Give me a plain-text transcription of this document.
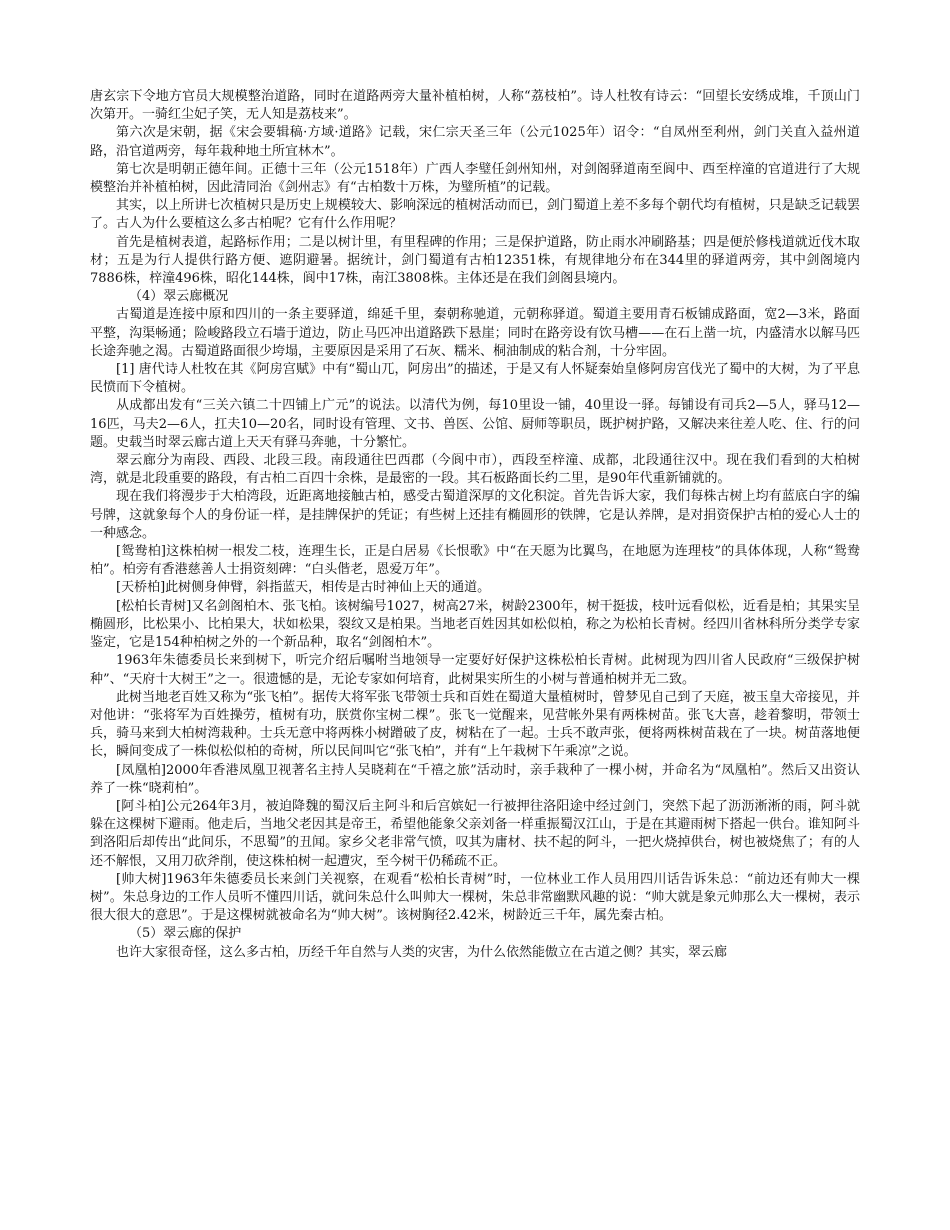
唐玄宗下令地方官员大规模整治道路，同时在道路两旁大量补植柏树，人称“荔枝柏”。诗人杜牧有诗云：“回望长安绣成堆，千顶山门次第开。一骑红尘妃子笑，无人知是荔枝来”。

第六次是宋朝，据《宋会要辑稿·方域·道路》记载，宋仁宗天圣三年（公元1025年）诏令：“自凤州至利州，剑门关直入益州道路，沿官道两旁，每年栽种地土所宜林木”。

第七次是明朝正德年间。正德十三年（公元1518年）广西人李璧任剑州知州，对剑阁驿道南至阆中、西至梓潼的官道进行了大规模整治并补植柏树，因此清同治《剑州志》有“古柏数十万株，为璧所植”的记载。

其实，以上所讲七次植树只是历史上规模较大、影响深远的植树活动而已，剑门蜀道上差不多每个朝代均有植树，只是缺乏记载罢了。古人为什么要植这么多古柏呢？它有什么作用呢？

首先是植树表道，起路标作用；二是以树计里，有里程碑的作用；三是保护道路，防止雨水冲刷路基；四是便於修栈道就近伐木取材；五是为行人提供行路方便、遮阴避暑。据统计，剑门蜀道有古柏12351株，有规律地分布在344里的驿道两旁，其中剑阁境内7886株，梓潼496株，昭化144株，阆中17株，南江3808株。主体还是在我们剑阁县境内。

（4）翠云廊概况

古蜀道是连接中原和四川的一条主要驿道，绵延千里，秦朝称驰道，元朝称驿道。蜀道主要用青石板铺成路面，宽2—3米，路面平整，沟渠畅通；险峻路段立石墙于道边，防止马匹冲出道路跌下悬崖；同时在路旁设有饮马槽——在石上凿一坑，内盛清水以解马匹长途奔驰之渴。古蜀道路面很少垮塌，主要原因是采用了石灰、糯米、桐油制成的粘合剂，十分牢固。

[1] 唐代诗人杜牧在其《阿房宫赋》中有“蜀山兀，阿房出”的描述，于是又有人怀疑秦始皇修阿房宫伐光了蜀中的大树，为了平息民愤而下令植树。

从成都出发有“三关六镇二十四铺上广元”的说法。以清代为例，每10里设一铺，40里设一驿。每铺设有司兵2—5人，驿马12—16匹，马夫2—6人，扛夫10—20名，同时设有管理、文书、兽医、公馆、厨师等职员，既护树护路，又解决来往差人吃、住、行的问题。史载当时翠云廊古道上天天有驿马奔驰，十分繁忙。

翠云廊分为南段、西段、北段三段。南段通往巴西郡（今阆中市），西段至梓潼、成都，北段通往汉中。现在我们看到的大柏树湾，就是北段重要的路段，有古柏二百四十余株，是最密的一段。其石板路面长约二里，是90年代重新铺就的。

现在我们将漫步于大柏湾段，近距离地接触古柏，感受古蜀道深厚的文化积淀。首先告诉大家，我们每株古树上均有蓝底白字的编号牌，这就象每个人的身份证一样，是挂牌保护的凭证；有些树上还挂有椭圆形的铁牌，它是认养牌，是对捐资保护古柏的爱心人士的一种感念。

[鸳鸯柏]这株柏树一根发二枝，连理生长，正是白居易《长恨歌》中“在天愿为比翼鸟，在地愿为连理枝”的具体体现，人称“鸳鸯柏”。柏旁有香港慈善人士捐资刻碑：“白头偕老，恩爱万年”。

[天桥柏]此树侧身伸臂，斜指蓝天，相传是古时神仙上天的通道。

[松柏长青树]又名剑阁柏木、张飞柏。该树编号1027，树高27米，树龄2300年，树干挺拔，枝叶远看似松，近看是柏；其果实呈椭圆形，比松果小、比柏果大，状如松果，裂纹又是柏果。当地老百姓因其如松似柏，称之为松柏长青树。经四川省林科所分类学专家鉴定，它是154种柏树之外的一个新品种，取名“剑阁柏木”。

1963年朱德委员长来到树下，听完介绍后嘱咐当地领导一定要好好保护这株松柏长青树。此树现为四川省人民政府“三级保护树种”、“天府十大树王”之一。很遗憾的是，无论专家如何培育，此树果实所生的小树与普通柏树并无二致。

此树当地老百姓又称为“张飞柏”。据传大将军张飞带领士兵和百姓在蜀道大量植树时，曾梦见自己到了天庭，被玉皇大帝接见，并对他讲：“张将军为百姓操劳，植树有功，朕赏你宝树二棵”。张飞一觉醒来，见营帐外果有两株树苗。张飞大喜，趁着黎明，带领士兵，骑马来到大柏树湾栽种。士兵无意中将两株小树蹭破了皮，树粘在了一起。士兵不敢声张，便将两株树苗栽在了一块。树苗落地便长，瞬间变成了一株似松似柏的奇树，所以民间叫它“张飞柏”，并有“上午栽树下午乘凉”之说。

[凤凰柏]2000年香港凤凰卫视著名主持人吴晓莉在“千禧之旅”活动时，亲手栽种了一棵小树，并命名为“凤凰柏”。然后又出资认养了一株“晓莉柏”。

[阿斗柏]公元264年3月，被迫降魏的蜀汉后主阿斗和后宫嫔妃一行被押往洛阳途中经过剑门，突然下起了沥沥淅淅的雨，阿斗就躲在这棵树下避雨。他走后，当地父老因其是帝王，希望他能象父亲刘备一样重振蜀汉江山，于是在其避雨树下搭起一供台。谁知阿斗到洛阳后却传出“此间乐，不思蜀”的丑闻。家乡父老非常气愤，叹其为庸材、扶不起的阿斗，一把火烧掉供台，树也被烧焦了；有的人还不解恨，又用刀砍斧削，使这株柏树一起遭灾，至今树干仍稀疏不正。

[帅大树]1963年朱德委员长来剑门关视察，在观看“松柏长青树”时，一位林业工作人员用四川话告诉朱总：“前边还有帅大一棵树”。朱总身边的工作人员听不懂四川话，就问朱总什么叫帅大一棵树，朱总非常幽默风趣的说：“帅大就是象元帅那么大一棵树，表示很大很大的意思”。于是这棵树就被命名为“帅大树”。该树胸径2.42米，树龄近三千年，属先秦古柏。

（5）翠云廊的保护

也许大家很奇怪，这么多古柏，历经千年自然与人类的灾害，为什么依然能傲立在古道之侧？其实，翠云廊
